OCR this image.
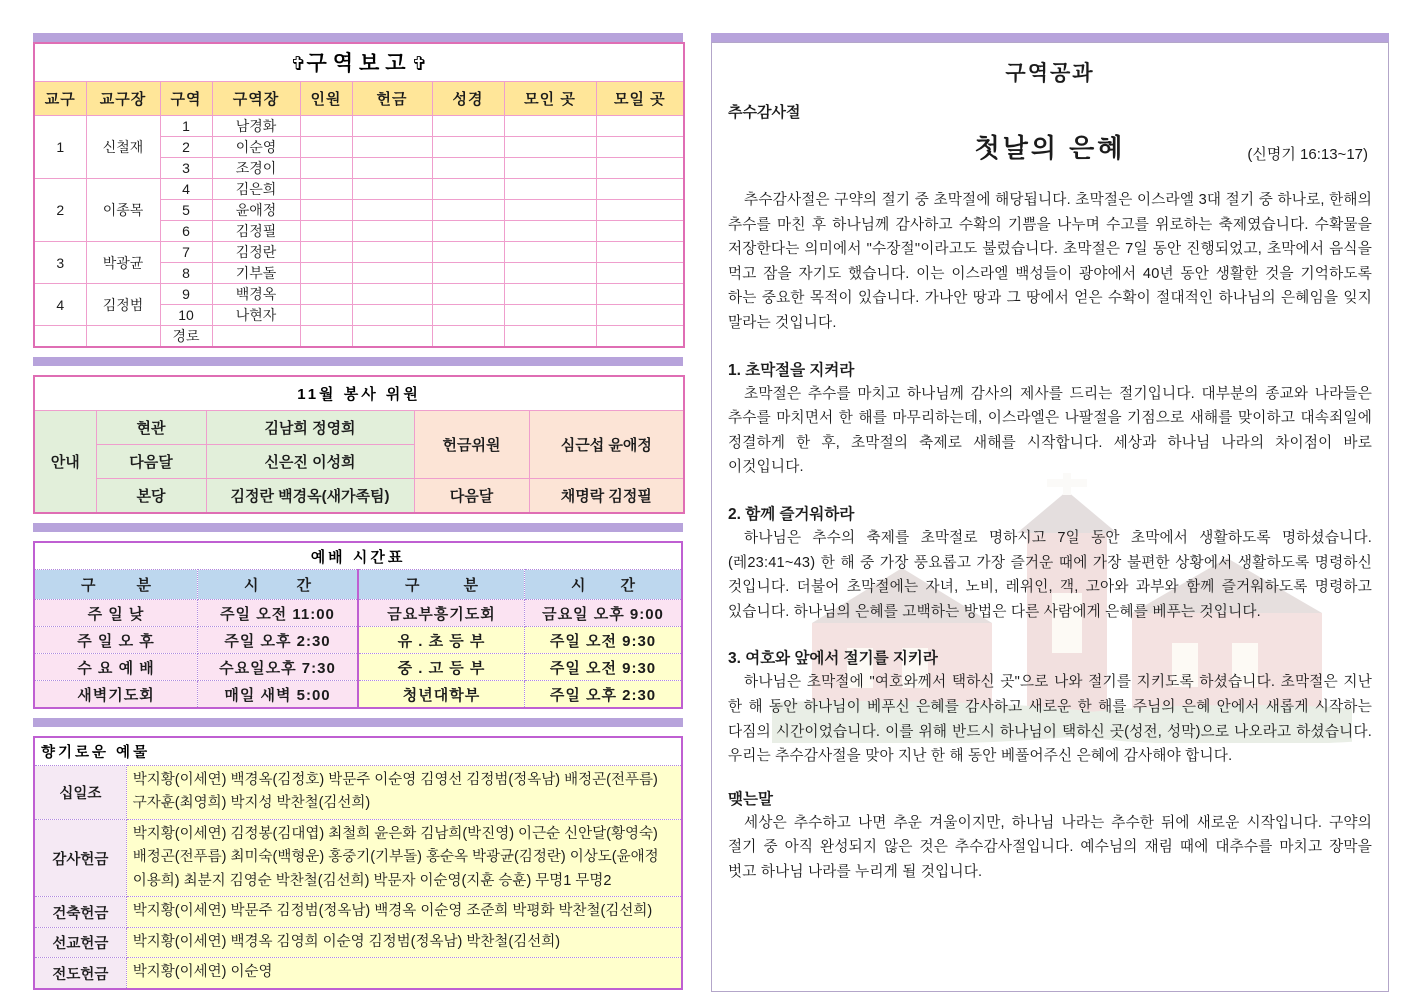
✞구역보고✞								
교구	교구장	구역	구역장	인원	헌금	성경	모인 곳	모일 곳
1	신철재	1	남경화					
		2	이순영					
		3	조경이					
2	이종목	4	김은희					
		5	윤애정					
		6	김정필					
3	박광균	7	김정란					
		8	기부돌					
4	김정범	9	백경옥					
		10	나현자					
		경로						
11월 봉사 위원				
안내	현관	김남희 정영희	헌금위원	심근섭 윤애정
	다음달	신은진 이성희		
	본당	김정란 백경옥(새가족팀)	다음달	채명락 김정필
예배 시간표			
구 분	시 간	구 분	시 간
주 일 낮	주일 오전 11:00	금요부흥기도회	금요일 오후 9:00
주 일 오 후	주일 오후 2:30	유 . 초 등 부	주일 오전 9:30
수 요 예 배	수요일오후 7:30	중 . 고 등 부	주일 오전 9:30
새벽기도회	매일 새벽 5:00	청년대학부	주일 오후 2:30
향기로운 예물	
십일조	박지황(이세연) 백경옥(김정호) 박문주 이순영 김영선 김정범(정옥남) 배정곤(전푸름) 구자훈(최영희) 박지성 박찬철(김선희)
감사헌금	박지황(이세연) 김정봉(김대엽) 최철희 윤은화 김남희(박진영) 이근순 신안달(황영숙) 배정곤(전푸름) 최미숙(백형운) 홍중기(기부돌) 홍순옥 박광균(김정란) 이상도(윤애정 이용희) 최분지 김영순 박찬철(김선희) 박문자 이순영(지훈 승훈) 무명1 무명2
건축헌금	박지황(이세연) 박문주 김정범(정옥남) 백경옥 이순영 조준희 박평화 박찬철(김선희)
선교헌금	박지황(이세연) 백경옥 김영희 이순영 김정범(정옥남) 박찬철(김선희)
전도헌금	박지황(이세연) 이순영
구역공과
추수감사절
첫날의 은혜	(신명기 16:13~17)

추수감사절은 구약의 절기 중 초막절에 해당됩니다. 초막절은 이스라엘 3대 절기 중 하나로, 한해의 추수를 마친 후 하나님께 감사하고 수확의 기쁨을 나누며 수고를 위로하는 축제였습니다. 수확물을 저장한다는 의미에서 "수장절"이라고도 불렀습니다. 초막절은 7일 동안 진행되었고, 초막에서 음식을 먹고 잠을 자기도 했습니다. 이는 이스라엘 백성들이 광야에서 40년 동안 생활한 것을 기억하도록 하는 중요한 목적이 있습니다. 가나안 땅과 그 땅에서 얻은 수확이 절대적인 하나님의 은혜임을 잊지 말라는 것입니다.

1. 초막절을 지켜라

초막절은 추수를 마치고 하나님께 감사의 제사를 드리는 절기입니다. 대부분의 종교와 나라들은 추수를 마치면서 한 해를 마무리하는데, 이스라엘은 나팔절을 기점으로 새해를 맞이하고 대속죄일에 정결하게 한 후, 초막절의 축제로 새해를 시작합니다. 세상과 하나님 나라의 차이점이 바로 이것입니다.

2. 함께 즐거워하라

하나님은 추수의 축제를 초막절로 명하시고 7일 동안 초막에서 생활하도록 명하셨습니다.(레23:41~43) 한 해 중 가장 풍요롭고 가장 즐거운 때에 가장 불편한 상황에서 생활하도록 명령하신 것입니다. 더불어 초막절에는 자녀, 노비, 레위인, 객, 고아와 과부와 함께 즐거워하도록 명령하고 있습니다. 하나님의 은혜를 고백하는 방법은 다른 사람에게 은혜를 베푸는 것입니다.

3. 여호와 앞에서 절기를 지키라

하나님은 초막절에 "여호와께서 택하신 곳"으로 나와 절기를 지키도록 하셨습니다. 초막절은 지난 한 해 동안 하나님이 베푸신 은혜를 감사하고 새로운 한 해를 주님의 은혜 안에서 새롭게 시작하는 다짐의 시간이었습니다. 이를 위해 반드시 하나님이 택하신 곳(성전, 성막)으로 나오라고 하셨습니다. 우리는 추수감사절을 맞아 지난 한 해 동안 베풀어주신 은혜에 감사해야 합니다.

맺는말

세상은 추수하고 나면 추운 겨울이지만, 하나님 나라는 추수한 뒤에 새로운 시작입니다. 구약의 절기 중 아직 완성되지 않은 것은 추수감사절입니다. 예수님의 재림 때에 대추수를 마치고 장막을 벗고 하나님 나라를 누리게 될 것입니다.
